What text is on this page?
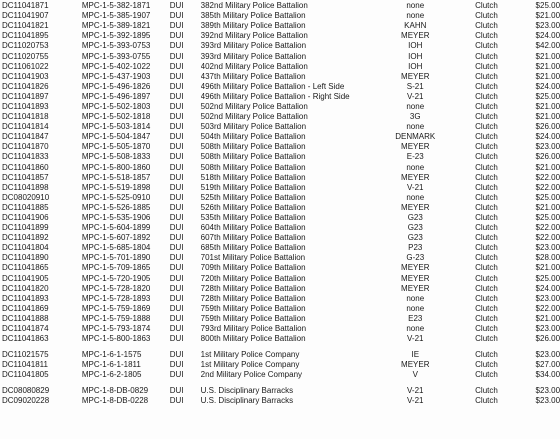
DC11041871	MPC-1-5-382-1871	DUI	382nd Military Police Battalion	none	Clutch	$25.00
DC11041907	MPC-1-5-385-1907	DUI	385th Military Police Battalion	none	Clutch	$21.00
DC11041821	MPC-1-5-389-1821	DUI	389th Military Police Battalion	KAHN	Clutch	$23.00
DC11041895	MPC-1-5-392-1895	DUI	392nd Military Police Battalion	MEYER	Clutch	$24.00
DC11020753	MPC-1-5-393-0753	DUI	393rd Military Police Battalion	IOH	Clutch	$42.00
DC11020755	MPC-1-5-393-0755	DUI	393rd Military Police Battalion	IOH	Clutch	$21.00
DC11061022	MPC-1-5-402-1022	DUI	402nd Military Police Battalion	IOH	Clutch	$21.00
DC11041903	MPC-1-5-437-1903	DUI	437th Military Police Battalion	MEYER	Clutch	$21.00
DC11041826	MPC-1-5-496-1826	DUI	496th Military Police Battalion - Left Side	S-21	Clutch	$24.00
DC11041897	MPC-1-5-496-1897	DUI	496th Military Police Battalion - Right Side	V-21	Clutch	$25.00
DC11041893	MPC-1-5-502-1803	DUI	502nd Military Police Battalion	none	Clutch	$21.00
DC11041818	MPC-1-5-502-1818	DUI	502nd Military Police Battalion	3G	Clutch	$21.00
DC11041814	MPC-1-5-503-1814	DUI	503rd Military Police Battalion	none	Clutch	$26.00
DC11041847	MPC-1-5-504-1847	DUI	504th Military Police Battalion	DENMARK	Clutch	$24.00
DC11041870	MPC-1-5-505-1870	DUI	508th Military Police Battalion	MEYER	Clutch	$23.00
DC11041833	MPC-1-5-508-1833	DUI	508th Military Police Battalion	E-23	Clutch	$26.00
DC11041860	MPC-1-5-800-1860	DUI	508th Military Police Battalion	none	Clutch	$21.00
DC11041857	MPC-1-5-518-1857	DUI	518th Military Police Battalion	MEYER	Clutch	$22.00
DC11041898	MPC-1-5-519-1898	DUI	519th Military Police Battalion	V-21	Clutch	$22.00
DC08020910	MPC-1-5-525-0910	DUI	525th Military Police Battalion	none	Clutch	$25.00
DC11041885	MPC-1-5-526-1885	DUI	526th Military Police Battalion	MEYER	Clutch	$21.00
DC11041906	MPC-1-5-535-1906	DUI	535th Military Police Battalion	G23	Clutch	$25.00
DC11041899	MPC-1-5-604-1899	DUI	604th Military Police Battalion	G23	Clutch	$22.00
DC11041892	MPC-1-5-607-1892	DUI	607th Military Police Battalion	G23	Clutch	$22.00
DC11041804	MPC-1-5-685-1804	DUI	685th Military Police Battalion	P23	Clutch	$23.00
DC11041890	MPC-1-5-701-1890	DUI	701st Military Police Battalion	G-23	Clutch	$28.00
DC11041865	MPC-1-5-709-1865	DUI	709th Military Police Battalion	MEYER	Clutch	$21.00
DC11041905	MPC-1-5-720-1905	DUI	720th Military Police Battalion	MEYER	Clutch	$25.00
DC11041820	MPC-1-5-728-1820	DUI	728th Military Police Battalion	MEYER	Clutch	$24.00
DC11041893	MPC-1-5-728-1893	DUI	728th Military Police Battalion	none	Clutch	$23.00
DC11041869	MPC-1-5-759-1869	DUI	759th Military Police Battalion	none	Clutch	$22.00
DC11041888	MPC-1-5-759-1888	DUI	759th Military Police Battalion	E23	Clutch	$21.00
DC11041874	MPC-1-5-793-1874	DUI	793rd Military Police Battalion	none	Clutch	$23.00
DC11041863	MPC-1-5-800-1863	DUI	800th Military Police Battalion	V-21	Clutch	$26.00
DC11021575	MPC-1-6-1-1575	DUI	1st Military Police Company	IE	Clutch	$23.00
DC11041811	MPC-1-6-1-1811	DUI	1st Military Police Company	MEYER	Clutch	$27.00
DC11041805	MPC-1-6-2-1805	DUI	2nd Military Police Company	V	Clutch	$34.00
DC08080829	MPC-1-8-DB-0829	DUI	U.S. Disciplinary Barracks	V-21	Clutch	$23.00
DC09020228	MPC-1-8-DB-0228	DUI	U.S. Disciplinary Barracks	V-21	Clutch	$23.00
